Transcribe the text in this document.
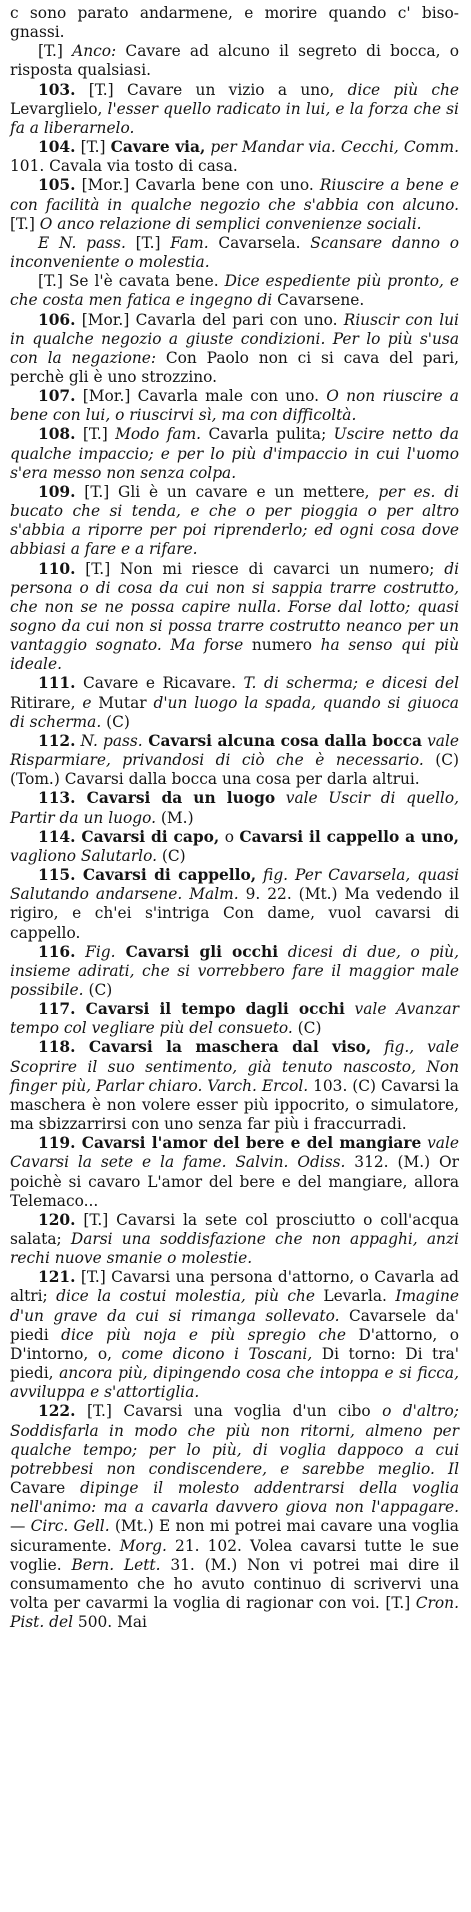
c sono parato andarmene, e morire quando c' biso-gnassi.

[T.] Anco: Cavare ad alcuno il segreto di bocca, o risposta qualsiasi.

103. [T.] Cavare un vizio a uno, dice più che Levarglielo, l'esser quello radicato in lui, e la forza che si fa a liberarnelo.

104. [T.] Cavare via, per Mandar via. Cecchi, Comm. 101. Cavala via tosto di casa.

105. [Mor.] Cavarla bene con uno. Riuscire a bene e con facilità in qualche negozio che s'abbia con alcuno. [T.] O anco relazione di semplici convenienze sociali.

E N. pass. [T.] Fam. Cavarsela. Scansare danno o inconveniente o molestia.

[T.] Se l'è cavata bene. Dice espediente più pronto, e che costa men fatica e ingegno di Cavarsene.

106. [Mor.] Cavarla del pari con uno. Riuscir con lui in qualche negozio a giuste condizioni. Per lo più s'usa con la negazione: Con Paolo non ci si cava del pari, perchè gli è uno strozzino.

107. [Mor.] Cavarla male con uno. O non riuscire a bene con lui, o riuscirvi sì, ma con difficoltà.

108. [T.] Modo fam. Cavarla pulita; Uscire netto da qualche impaccio; e per lo più d'impaccio in cui l'uomo s'era messo non senza colpa.

109. [T.] Gli è un cavare e un mettere, per es. di bucato che si tenda, e che o per pioggia o per altro s'abbia a riporre per poi riprenderlo; ed ogni cosa dove abbiasi a fare e a rifare.

110. [T.] Non mi riesce di cavarci un numero; di persona o di cosa da cui non si sappia trarre costrutto, che non se ne possa capire nulla. Forse dal lotto; quasi sogno da cui non si possa trarre costrutto neanco per un vantaggio sognato. Ma forse numero ha senso qui più ideale.

111. Cavare e Ricavare. T. di scherma; e dicesi del Ritirare, e Mutar d'un luogo la spada, quando si giuoca di scherma. (C)

112. N. pass. Cavarsi alcuna cosa dalla bocca vale Risparmiare, privandosi di ciò che è necessario. (C) (Tom.) Cavarsi dalla bocca una cosa per darla altrui.

113. Cavarsi da un luogo vale Uscir di quello, Partir da un luogo. (M.)

114. Cavarsi di capo, o Cavarsi il cappello a uno, vagliono Salutarlo. (C)

115. Cavarsi di cappello, fig. Per Cavarsela, quasi Salutando andarsene. Malm. 9. 22. (Mt.) Ma vedendo il rigiro, e ch'ei s'intriga Con dame, vuol cavarsi di cappello.

116. Fig. Cavarsi gli occhi dicesi di due, o più, insieme adirati, che si vorrebbero fare il maggior male possibile. (C)

117. Cavarsi il tempo dagli occhi vale Avanzar tempo col vegliare più del consueto. (C)

118. Cavarsi la maschera dal viso, fig., vale Scoprire il suo sentimento, già tenuto nascosto, Non finger più, Parlar chiaro. Varch. Ercol. 103. (C) Cavarsi la maschera è non volere esser più ippocrito, o simulatore, ma sbizzarrirsi con uno senza far più i fraccurradi.

119. Cavarsi l'amor del bere e del mangiare vale Cavarsi la sete e la fame. Salvin. Odiss. 312. (M.) Or poichè si cavaro L'amor del bere e del mangiare, allora Telemaco...

120. [T.] Cavarsi la sete col prosciutto o coll'acqua salata; Darsi una soddisfazione che non appaghi, anzi rechi nuove smanie o molestie.

121. [T.] Cavarsi una persona d'attorno, o Cavarla ad altri; dice la costui molestia, più che Levarla. Imagine d'un grave da cui si rimanga sollevato. Cavarsele da' piedi dice più noja e più spregio che D'attorno, o D'intorno, o, come dicono i Toscani, Di torno: Di tra' piedi, ancora più, dipingendo cosa che intoppa e si ficca, avviluppa e s'attortiglia.

122. [T.] Cavarsi una voglia d'un cibo o d'altro; Soddisfarla in modo che più non ritorni, almeno per qualche tempo; per lo più, di voglia dappoco a cui potrebbesi non condiscendere, e sarebbe meglio. Il Cavare dipinge il molesto addentrarsi della voglia nell'animo: ma a cavarla davvero giova non l'appagare. — Circ. Gell. (Mt.) E non mi potrei mai cavare una voglia sicuramente. Morg. 21. 102. Volea cavarsi tutte le sue voglie. Bern. Lett. 31. (M.) Non vi potrei mai dire il consumamento che ho avuto continuo di scrivervi una volta per cavarmi la voglia di ragionar con voi. [T.] Cron. Pist. del 500. Mai
